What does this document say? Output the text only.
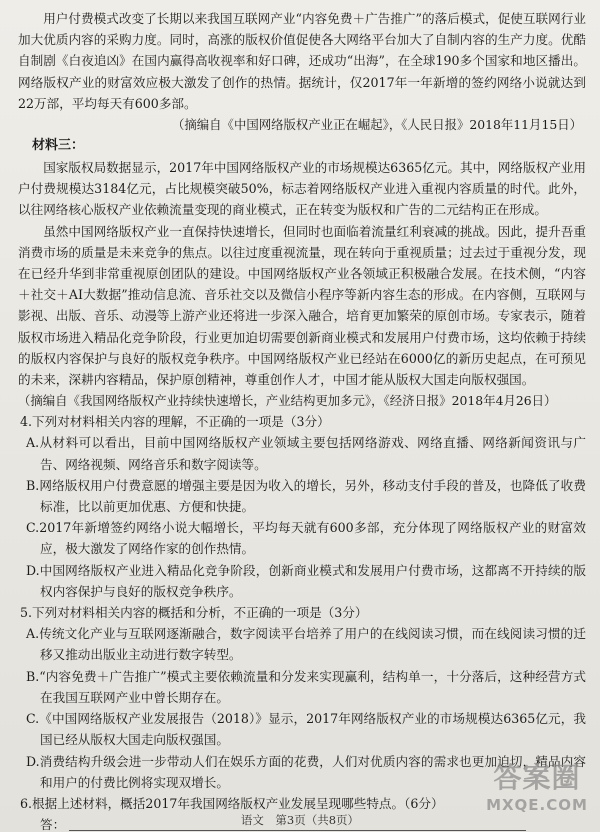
用户付费模式改变了长期以来我国互联网产业“内容免费＋广告推广”的落后模式，促使互联网行业加大优质内容的采购力度。同时，高涨的版权价值促使各大网络平台加大了自制内容的生产力度。优酷自制剧《白夜追凶》在国内赢得高收视率和好口碑，还成功“出海”，在全球190多个国家和地区播出。网络版权产业的财富效应极大激发了创作的热情。据统计，仅2017年一年新增的签约网络小说就达到22万部，平均每天有600多部。

（摘编自《中国网络版权产业正在崛起》，《人民日报》2018年11月15日）

材料三：

国家版权局数据显示，2017年中国网络版权产业的市场规模达6365亿元。其中，网络版权产业用户付费规模达3184亿元，占比规模突破50%，标志着网络版权产业进入重视内容质量的时代。此外，以往网络核心版权产业依赖流量变现的商业模式，正在转变为版权和广告的二元结构正在形成。

虽然中国网络版权产业一直保持快速增长，但同时也面临着流量红利衰减的挑战。因此，提升吾重消费市场的质量是未来竞争的焦点。以往过度重视流量，现在转向于重视质量；过去过于重视分发，现在已经升华到非常重视原创团队的建设。中国网络版权产业各领域正积极融合发展。在技术侧，“内容＋社交＋AI大数据”推动信息流、音乐社交以及微信小程序等新内容生态的形成。在内容侧，互联网与影视、出版、音乐、动漫等上游产业还将进一步深入融合，培育更加繁荣的原创市场。专家表示，随着版权市场进入精品化竞争阶段，行业更加迫切需要创新商业模式和发展用户付费市场，这均依赖于持续的版权内容保护与良好的版权竞争秩序。中国网络版权产业已经站在6000亿的新历史起点，在可预见的未来，深耕内容精品，保护原创精神，尊重创作人才，中国才能从版权大国走向版权强国。

（摘编自《我国网络版权产业持续快速增长，产业结构更加多元》，《经济日报》2018年4月26日）

4.下列对材料相关内容的理解，不正确的一项是（3分）

A.从材料可以看出，目前中国网络版权产业领域主要包括网络游戏、网络直播、网络新闻资讯与广告、网络视频、网络音乐和数字阅读等。

B.网络版权用户付费意愿的增强主要是因为收入的增长，另外，移动支付手段的普及，也降低了收费标准，比以前更加优惠、方便和快捷。

C.2017年新增签约网络小说大幅增长，平均每天就有600多部，充分体现了网络版权产业的财富效应，极大激发了网络作家的创作热情。

D.中国网络版权产业进入精品化竞争阶段，创新商业模式和发展用户付费市场，这都离不开持续的版权内容保护与良好的版权竞争秩序。

5.下列对材料相关内容的概括和分析，不正确的一项是（3分）

A.传统文化产业与互联网逐渐融合，数字阅读平台培养了用户的在线阅读习惯，而在线阅读习惯的迁移又推动出版业主动进行数字转型。

B.“内容免费＋广告推广”模式主要依赖流量和分发来实现赢利，结构单一，十分落后，这种经营方式在我国互联网产业中曾长期存在。

C.《中国网络版权产业发展报告（2018）》显示，2017年网络版权产业的市场规模达6365亿元，我国已经从版权大国走向版权强国。

D.消费结构升级会进一步带动人们在娱乐方面的花费，人们对优质内容的需求也更加迫切，精品内容和用户的付费比例将实现双增长。

6.根据上述材料，概括2017年我国网络版权产业发展呈现哪些特点。（6分）

答：
答案圈
MXQE.COM
语文　第3页（共8页）
